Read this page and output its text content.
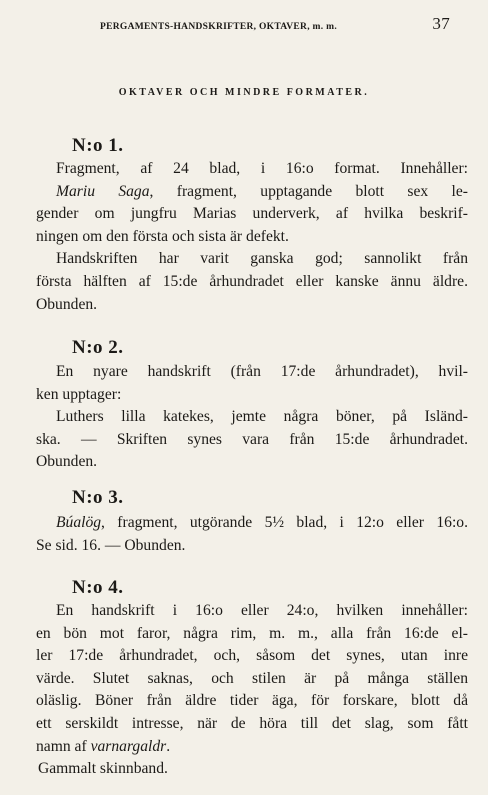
PERGAMENTS-HANDSKRIFTER, OKTAVER, m. m.	37
OKTAVER OCH MINDRE FORMATER.
N:o 1.
Fragment, af 24 blad, i 16:o format. Innehåller:
Mariu Saga, fragment, upptagande blott sex le-
gender om jungfru Marias underverk, af hvilka beskrif-
ningen om den första och sista är defekt.
Handskriften har varit ganska god; sannolikt från
första hälften af 15:de århundradet eller kanske ännu äldre.
Obunden.
N:o 2.
En nyare handskrift (från 17:de århundradet), hvil-
ken upptager:
Luthers lilla katekes, jemte några böner, på Isländ-
ska. — Skriften synes vara från 15:de århundradet.
Obunden.
N:o 3.
Búalög, fragment, utgörande 5½ blad, i 12:o eller 16:o.
Se sid. 16. — Obunden.
N:o 4.
En handskrift i 16:o eller 24:o, hvilken innehåller:
en bön mot faror, några rim, m. m., alla från 16:de el-
ler 17:de århundradet, och, såsom det synes, utan inre
värde. Slutet saknas, och stilen är på många ställen
oläslig. Böner från äldre tider äga, för forskare, blott då
ett serskildt intresse, när de höra till det slag, som fått
namn af varnargaldr.
Gammalt skinnband.
